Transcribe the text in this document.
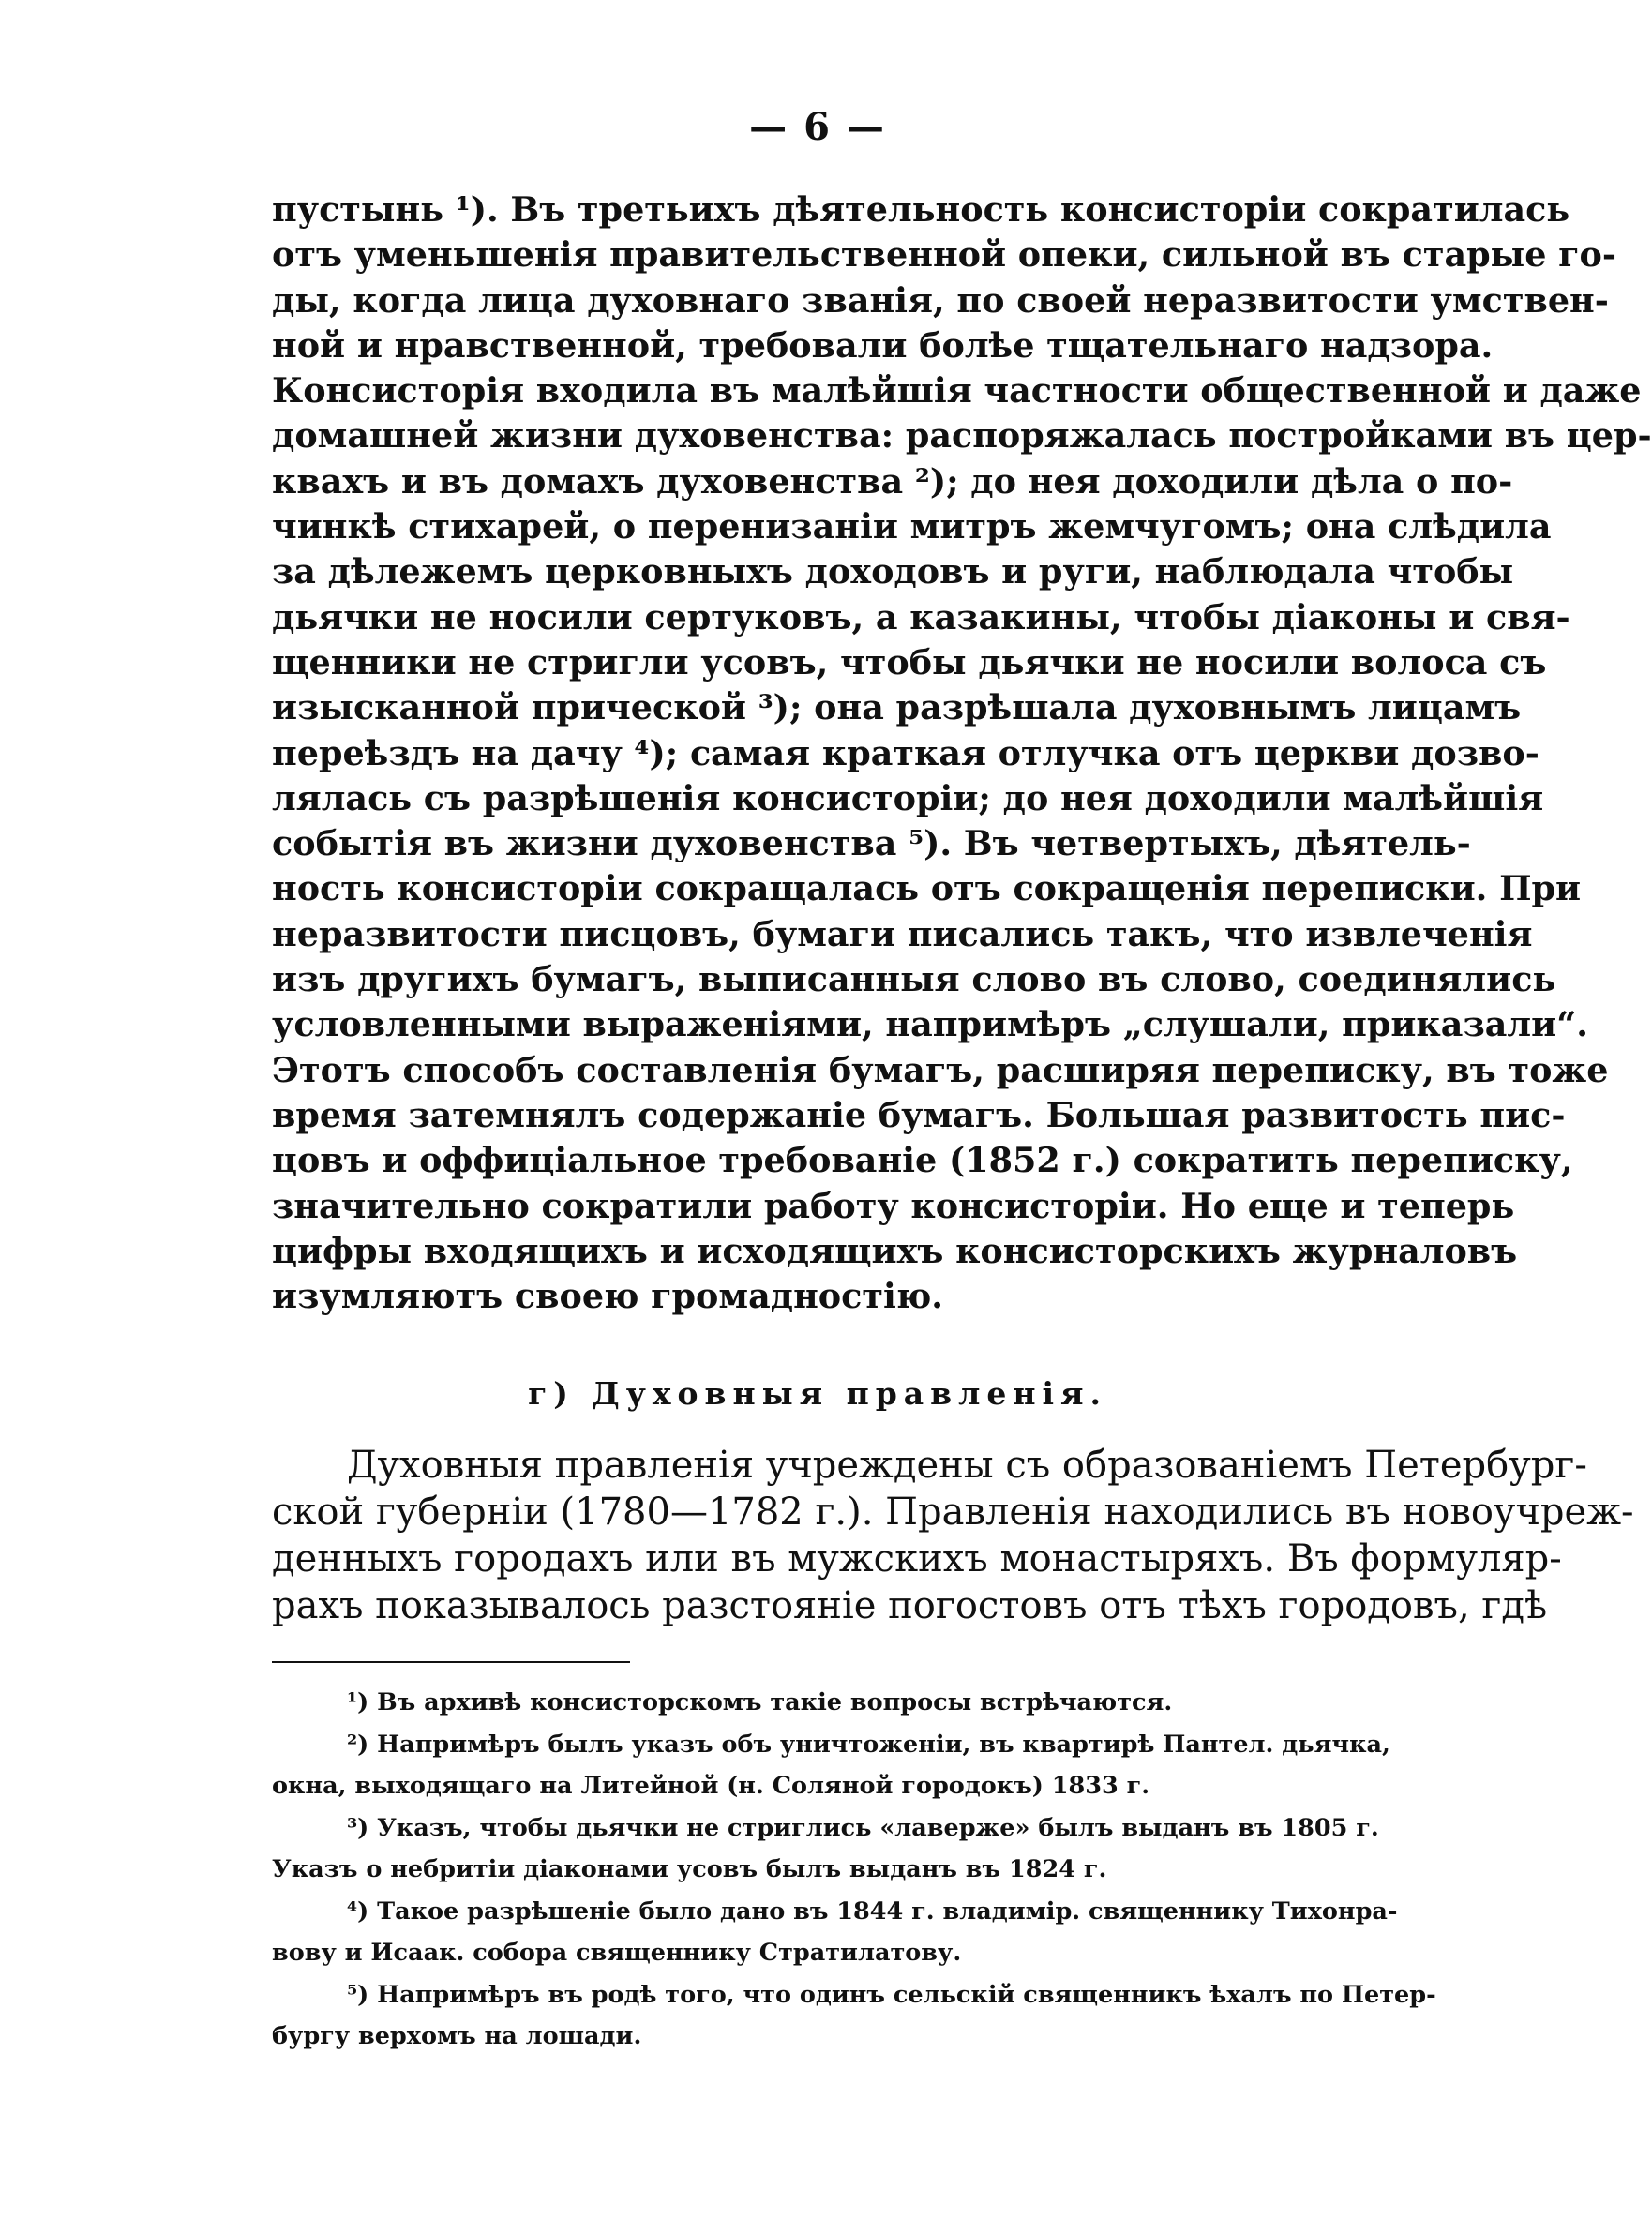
— 6 —
пустынь ¹). Въ третьихъ дѣятельность консисторіи сократилась
отъ уменьшенія правительственной опеки, сильной въ старые го-
ды, когда лица духовнаго званія, по своей неразвитости умствен-
ной и нравственной, требовали болѣе тщательнаго надзора.
Консисторія входила въ малѣйшія частности общественной и даже
домашней жизни духовенства: распоряжалась постройками въ цер-
квахъ и въ домахъ духовенства ²); до нея доходили дѣла о по-
чинкѣ стихарей, о перенизаніи митръ жемчугомъ; она слѣдила
за дѣлежемъ церковныхъ доходовъ и руги, наблюдала чтобы
дьячки не носили сертуковъ, а казакины, чтобы діаконы и свя-
щенники не стригли усовъ, чтобы дьячки не носили волоса съ
изысканной прической ³); она разрѣшала духовнымъ лицамъ
переѣздъ на дачу ⁴); самая краткая отлучка отъ церкви дозво-
лялась съ разрѣшенія консисторіи; до нея доходили малѣйшія
событія въ жизни духовенства ⁵). Въ четвертыхъ, дѣятель-
ность консисторіи сокращалась отъ сокращенія переписки. При
неразвитости писцовъ, бумаги писались такъ, что извлеченія
изъ другихъ бумагъ, выписанныя слово въ слово, соединялись
условленными выраженіями, напримѣръ „слушали, приказали“.
Этотъ способъ составленія бумагъ, расширяя переписку, въ тоже
время затемнялъ содержаніе бумагъ. Большая развитость пис-
цовъ и оффиціальное требованіе (1852 г.) сократить переписку,
значительно сократили работу консисторіи. Но еще и теперь
цифры входящихъ и исходящихъ консисторскихъ журналовъ
изумляютъ своею громадностію.
г) Духовныя правленія.
Духовныя правленія учреждены съ образованіемъ Петербург-
ской губерніи (1780—1782 г.). Правленія находились въ новоучреж-
денныхъ городахъ или въ мужскихъ монастыряхъ. Въ формуляр-
рахъ показывалось разстояніе погостовъ отъ тѣхъ городовъ, гдѣ
¹) Въ архивѣ консисторскомъ такіе вопросы встрѣчаются.
²) Напримѣръ былъ указъ объ уничтоженіи, въ квартирѣ Пантел. дьячка,
окна, выходящаго на Литейной (н. Соляной городокъ) 1833 г.
³) Указъ, чтобы дьячки не стриглись «лаверже» былъ выданъ въ 1805 г.
Указъ о небритіи діаконами усовъ былъ выданъ въ 1824 г.
⁴) Такое разрѣшеніе было дано въ 1844 г. владимір. священнику Тихонра-
вову и Исаак. собора священнику Стратилатову.
⁵) Напримѣръ въ родѣ того, что одинъ сельскій священникъ ѣхалъ по Петер-
бургу верхомъ на лошади.
